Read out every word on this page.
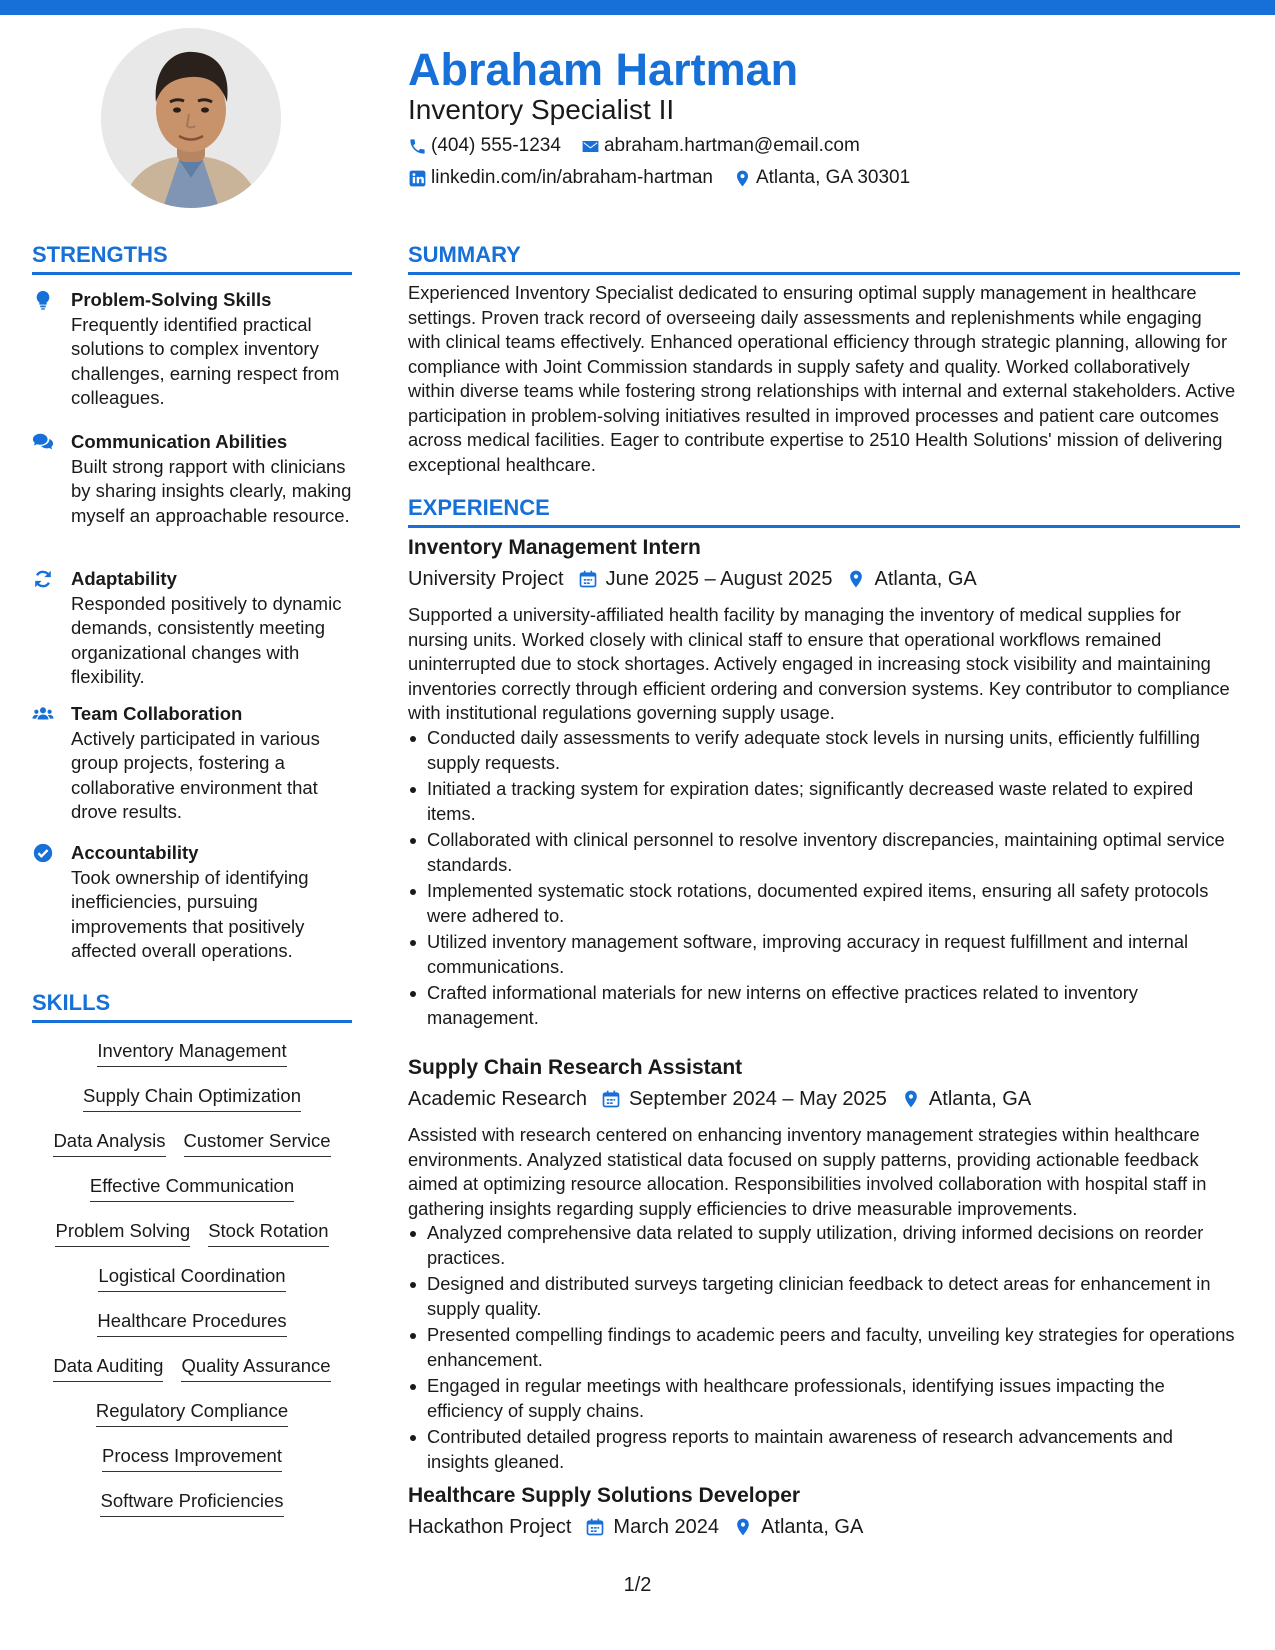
Abraham Hartman
Inventory Specialist II
(404) 555-1234 abraham.hartman@email.com
linkedin.com/in/abraham-hartman Atlanta, GA 30301
STRENGTHS
Problem-Solving Skills
Frequently identified practical solutions to complex inventory challenges, earning respect from colleagues.
Communication Abilities
Built strong rapport with clinicians by sharing insights clearly, making myself an approachable resource.
Adaptability
Responded positively to dynamic demands, consistently meeting organizational changes with flexibility.
Team Collaboration
Actively participated in various group projects, fostering a collaborative environment that drove results.
Accountability
Took ownership of identifying inefficiencies, pursuing improvements that positively affected overall operations.
SKILLS
Inventory Management
Supply Chain Optimization
Data Analysis Customer Service
Effective Communication
Problem Solving Stock Rotation
Logistical Coordination
Healthcare Procedures
Data Auditing Quality Assurance
Regulatory Compliance
Process Improvement
Software Proficiencies
SUMMARY
Experienced Inventory Specialist dedicated to ensuring optimal supply management in healthcare settings. Proven track record of overseeing daily assessments and replenishments while engaging with clinical teams effectively. Enhanced operational efficiency through strategic planning, allowing for compliance with Joint Commission standards in supply safety and quality. Worked collaboratively within diverse teams while fostering strong relationships with internal and external stakeholders. Active participation in problem-solving initiatives resulted in improved processes and patient care outcomes across medical facilities. Eager to contribute expertise to 2510 Health Solutions' mission of delivering exceptional healthcare.
EXPERIENCE
Inventory Management Intern
University Project June 2025 – August 2025 Atlanta, GA
Supported a university-affiliated health facility by managing the inventory of medical supplies for nursing units. Worked closely with clinical staff to ensure that operational workflows remained uninterrupted due to stock shortages. Actively engaged in increasing stock visibility and maintaining inventories correctly through efficient ordering and conversion systems. Key contributor to compliance with institutional regulations governing supply usage.
Conducted daily assessments to verify adequate stock levels in nursing units, efficiently fulfilling supply requests.
Initiated a tracking system for expiration dates; significantly decreased waste related to expired items.
Collaborated with clinical personnel to resolve inventory discrepancies, maintaining optimal service standards.
Implemented systematic stock rotations, documented expired items, ensuring all safety protocols were adhered to.
Utilized inventory management software, improving accuracy in request fulfillment and internal communications.
Crafted informational materials for new interns on effective practices related to inventory management.
Supply Chain Research Assistant
Academic Research September 2024 – May 2025 Atlanta, GA
Assisted with research centered on enhancing inventory management strategies within healthcare environments. Analyzed statistical data focused on supply patterns, providing actionable feedback aimed at optimizing resource allocation. Responsibilities involved collaboration with hospital staff in gathering insights regarding supply efficiencies to drive measurable improvements.
Analyzed comprehensive data related to supply utilization, driving informed decisions on reorder practices.
Designed and distributed surveys targeting clinician feedback to detect areas for enhancement in supply quality.
Presented compelling findings to academic peers and faculty, unveiling key strategies for operations enhancement.
Engaged in regular meetings with healthcare professionals, identifying issues impacting the efficiency of supply chains.
Contributed detailed progress reports to maintain awareness of research advancements and insights gleaned.
Healthcare Supply Solutions Developer
Hackathon Project March 2024 Atlanta, GA
1/2
